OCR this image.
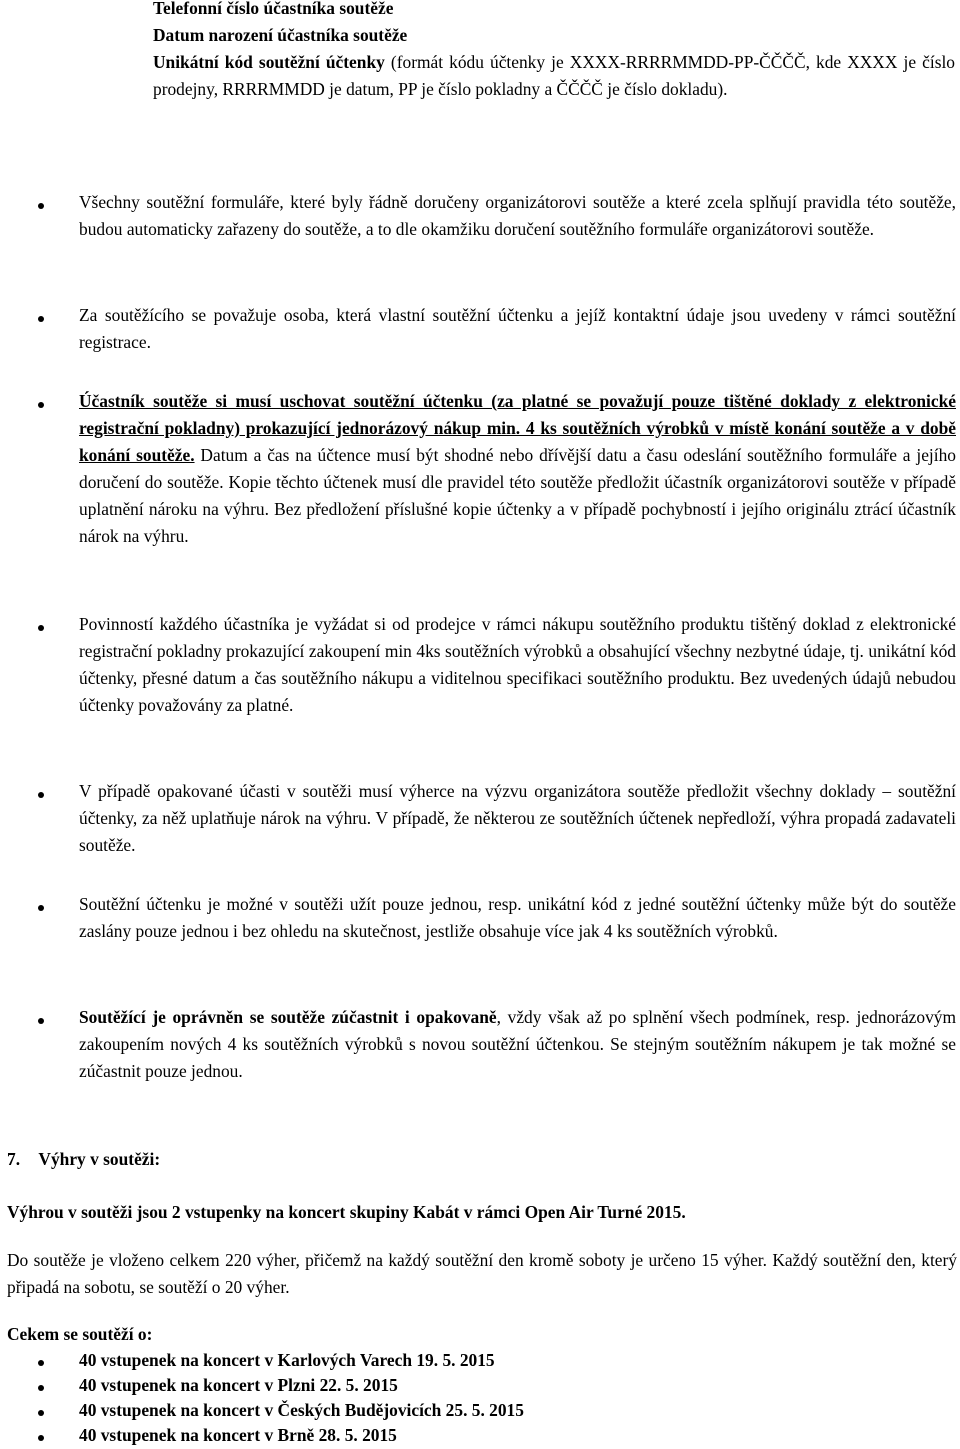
Telefonní číslo účastníka soutěže
Datum narození účastníka soutěže
Unikátní kód soutěžní účtenky (formát kódu účtenky je XXXX-RRRRMMDD-PP-ČČČČ, kde XXXX je číslo prodejny, RRRRMMDD je datum, PP je číslo pokladny a ČČČČ je číslo dokladu).
Všechny soutěžní formuláře, které byly řádně doručeny organizátorovi soutěže a které zcela splňují pravidla této soutěže, budou automaticky zařazeny do soutěže, a to dle okamžiku doručení soutěžního formuláře organizátorovi soutěže.
Za soutěžícího se považuje osoba, která vlastní soutěžní účtenku a jejíž kontaktní údaje jsou uvedeny v rámci soutěžní registrace.
Účastník soutěže si musí uschovat soutěžní účtenku (za platné se považují pouze tištěné doklady z elektronické registrační pokladny) prokazující jednorázový nákup min. 4 ks soutěžních výrobků v místě konání soutěže a v době konání soutěže. Datum a čas na účtence musí být shodné nebo dřívější datu a času odeslání soutěžního formuláře a jejího doručení do soutěže. Kopie těchto účtenek musí dle pravidel této soutěže předložit účastník organizátorovi soutěže v případě uplatnění nároku na výhru. Bez předložení příslušné kopie účtenky a v případě pochybností i jejího originálu ztrácí účastník nárok na výhru.
Povinností každého účastníka je vyžádat si od prodejce v rámci nákupu soutěžního produktu tištěný doklad z elektronické registrační pokladny prokazující zakoupení min 4ks soutěžních výrobků a obsahující všechny nezbytné údaje, tj. unikátní kód účtenky, přesné datum a čas soutěžního nákupu a viditelnou specifikaci soutěžního produktu. Bez uvedených údajů nebudou účtenky považovány za platné.
V případě opakované účasti v soutěži musí výherce na výzvu organizátora soutěže předložit všechny doklady – soutěžní účtenky, za něž uplatňuje nárok na výhru. V případě, že některou ze soutěžních účtenek nepředloží, výhra propadá zadavateli soutěže.
Soutěžní účtenku je možné v soutěži užít pouze jednou, resp. unikátní kód z jedné soutěžní účtenky může být do soutěže zaslány pouze jednou i bez ohledu na skutečnost, jestliže obsahuje více jak 4 ks soutěžních výrobků.
Soutěžící je oprávněn se soutěže zúčastnit i opakovaně, vždy však až po splnění všech podmínek, resp. jednorázovým zakoupením nových 4 ks soutěžních výrobků s novou soutěžní účtenkou. Se stejným soutěžním nákupem je tak možné se zúčastnit pouze jednou.
7. Výhry v soutěži:
Výhrou v soutěži jsou 2 vstupenky na koncert skupiny Kabát v rámci Open Air Turné 2015.
Do soutěže je vloženo celkem 220 výher, přičemž na každý soutěžní den kromě soboty je určeno 15 výher. Každý soutěžní den, který připadá na sobotu, se soutěží o 20 výher.
Cekem se soutěží o:
40 vstupenek na koncert v Karlových Varech 19. 5. 2015
40 vstupenek na koncert v Plzni 22. 5. 2015
40 vstupenek na koncert v Českých Budějovicích 25. 5. 2015
40 vstupenek na koncert v Brně 28. 5. 2015
